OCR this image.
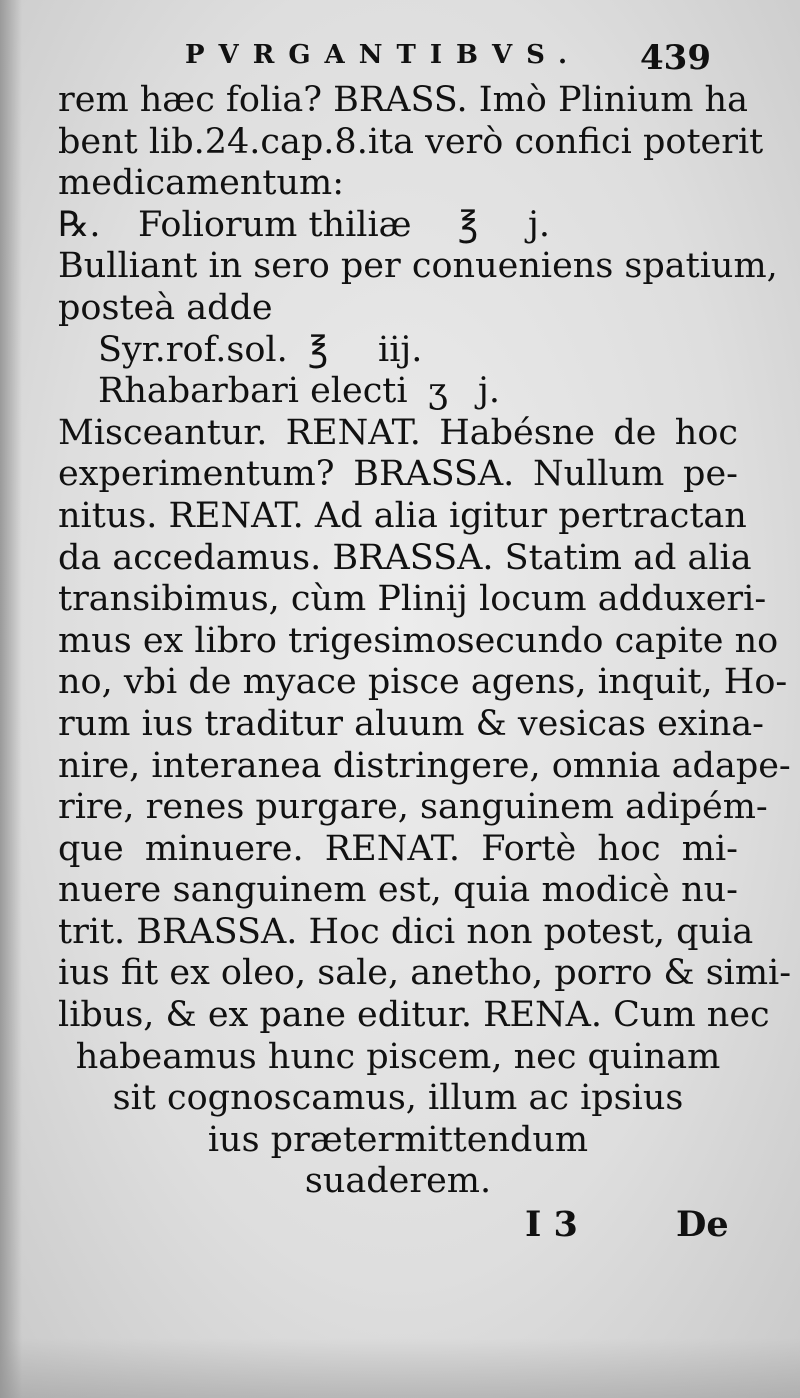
PVRGANTIBVS. 439
rem hæc folia? BRASS. Imò Plinium ha
bent lib.24.cap.8.ita verò confici poterit
medicamentum:
℞.	Foliorum thiliæ	℥	j.
Bulliant in sero per conueniens spatium,
posteà adde
Syr.rof.sol. ℥	iij.
Rhabarbari electi ʒ j.
Misceantur. RENAT. Habésne de hoc
experimentum? BRASSA. Nullum pe-
nitus. RENAT. Ad alia igitur pertractan
da accedamus. BRASSA. Statim ad alia
transibimus, cùm Plinij locum adduxeri-
mus ex libro trigesimosecundo capite no
no, vbi de myace pisce agens, inquit, Ho-
rum ius traditur aluum & vesicas exina-
nire, interanea distringere, omnia adape-
rire, renes purgare, sanguinem adipém-
que minuere. RENAT. Fortè hoc mi-
nuere sanguinem est, quia modicè nu-
trit. BRASSA. Hoc dici non potest, quia
ius fit ex oleo, sale, anetho, porro & simi-
libus, & ex pane editur. RENA. Cum nec
habeamus hunc piscem, nec quinam
sit cognoscamus, illum ac ipsius
ius prætermittendum
suaderem.
I 3	De
